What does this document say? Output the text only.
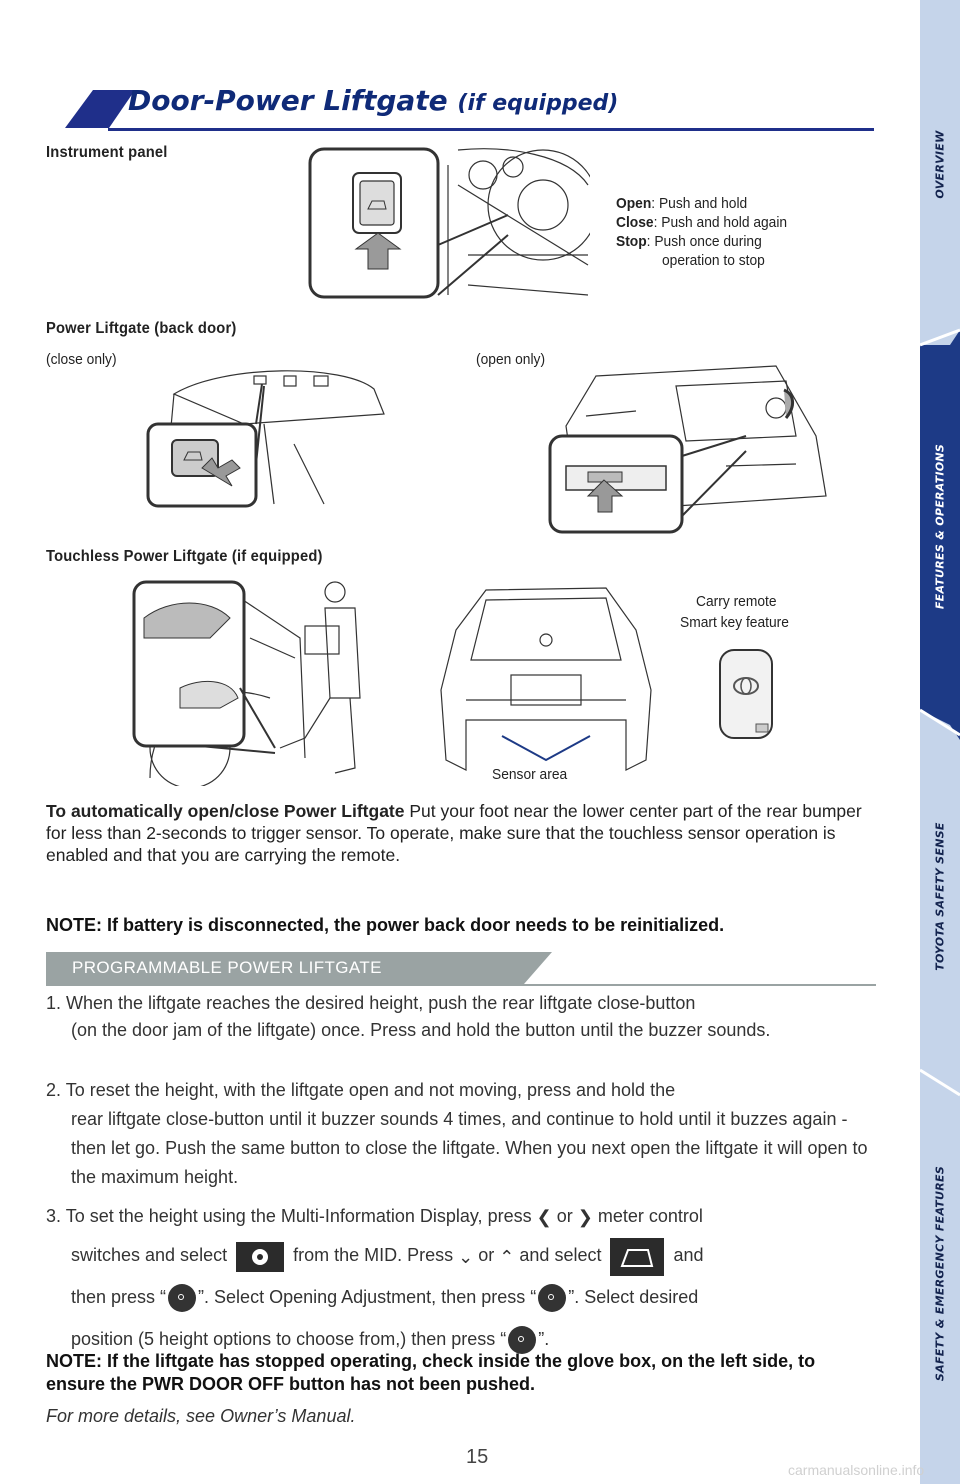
OVERVIEW
FEATURES & OPERATIONS
TOYOTA SAFETY SENSE
SAFETY & EMERGENCY FEATURES
Door-Power Liftgate (if equipped)
Instrument panel
Open: Push and hold
Close: Push and hold again
Stop: Push once during
operation to stop
Power Liftgate (back door)
(close only)	(open only)
Touchless Power Liftgate (if equipped)
Sensor area
Carry remote
Smart key feature
To automatically open/close Power Liftgate Put your foot near the lower center part of the rear bumper for less than 2-seconds to trigger sensor. To operate, make sure that the touchless sensor operation is enabled and that you are carrying the remote.
NOTE: If battery is disconnected, the power back door needs to be reinitialized.
PROGRAMMABLE POWER LIFTGATE
1. When the liftgate reaches the desired height, push the rear liftgate close-button
(on the door jam of the liftgate) once. Press and hold the button until the buzzer sounds.
2. To reset the height, with the liftgate open and not moving, press and hold the
rear liftgate close-button until it buzzer sounds 4 times, and continue to hold until it buzzes again -then let go. Push the same button to close the liftgate. When you next open the liftgate it will open to the maximum height.
3. To set the height using the Multi-Information Display, press ❮ or ❯ meter control
switches and select	from the MID. Press ⌄ or ⌃ and select	and
then press “ ”. Select Opening Adjustment, then press “ ”. Select desired
position (5 height options to choose from,) then press “ ”.
NOTE: If the liftgate has stopped operating, check inside the glove box, on the left side, to ensure the PWR DOOR OFF button has not been pushed.
For more details, see Owner’s Manual.
15
carmanualsonline.info
